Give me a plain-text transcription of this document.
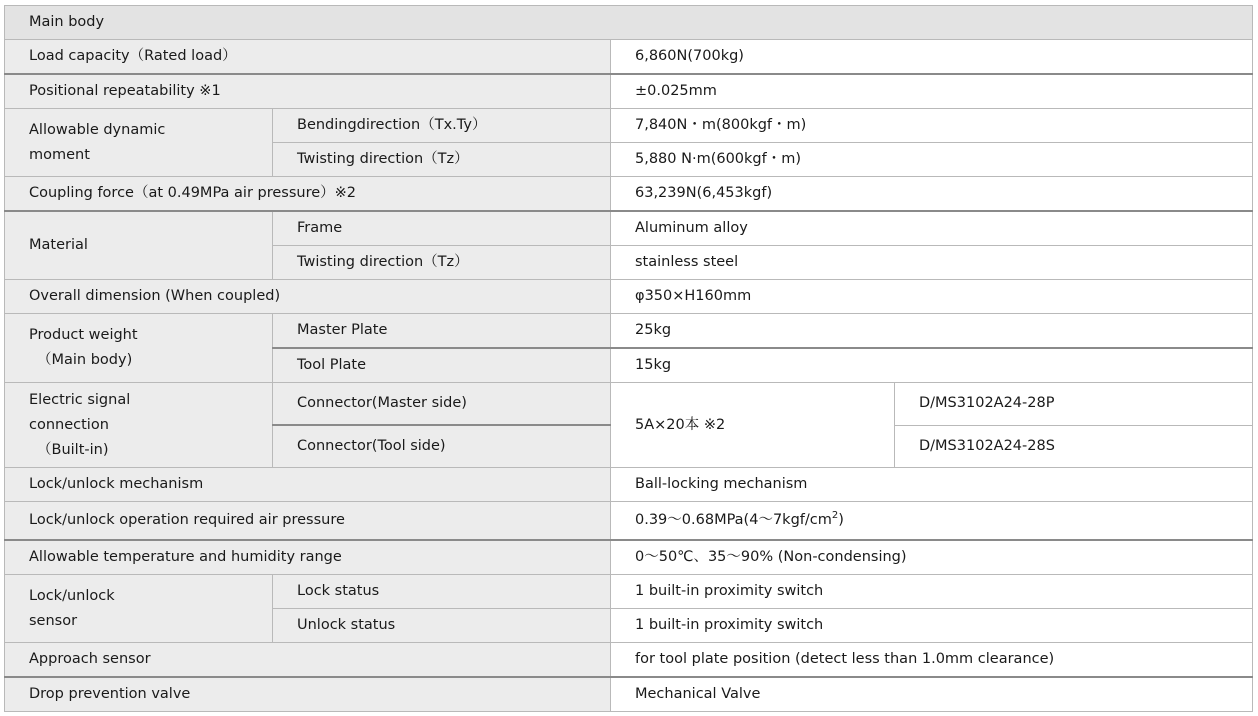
Main body			
Load capacity（Rated load）		6,860N(700kg)	
Positional repeatability ※1		±0.025mm	

Allowable dynamic
moment	Bendingdirection（Tx.Ty）	7,840N・m(800kgf・m)	
	Twisting direction（Tz）	5,880 N·m(600kgf・m)	
Coupling force（at 0.49MPa air pressure）※2		63,239N(6,453kgf)	
Material	Frame	Aluminum alloy	
	Twisting direction（Tz）	stainless steel	
Overall dimension (When coupled)		φ350×H160mm	

Product weight
（Main body)	Master Plate	25kg	
	Tool Plate	15kg	

Electric signal
connection
（Built-in)	Connector(Master side)	5A×20本 ※2	D/MS3102A24-28P
	Connector(Tool side)		D/MS3102A24-28S
Lock/unlock mechanism		Ball-locking mechanism	
Lock/unlock operation required air pressure		$0.39\sim 0.68MPa(4\sim 7kgf/cm^2)$	
Allowable temperature and humidity range		0～50℃、35～90% (Non-condensing)	

Lock/unlock
sensor	Lock status	1 built-in proximity switch	
	Unlock status	1 built-in proximity switch	
Approach sensor		for tool plate position (detect less than 1.0mm clearance)	
Drop prevention valve		Mechanical Valve	
